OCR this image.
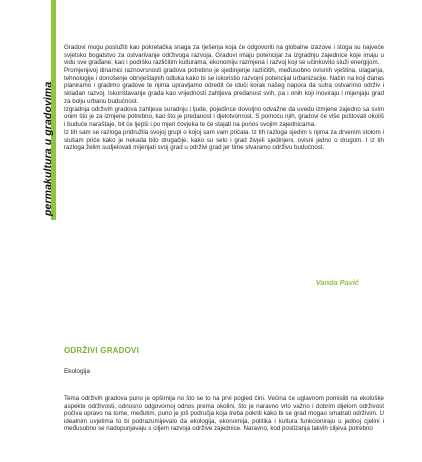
permakultura u gradovima

Gradovi mogu poslužiti kao pokretačka snaga za rješenja koja će odgovoriti na globalne izazove i stoga su najveće svjetsko bogatstvo za ostvarivanje održivoga razvoja. Gradovi imaju potencijal za izgradnju zajednice koje imaju u vidu sve građane, kao i podršku različitim kulturama, ekonomiju razmjena i razvoj koji se učinkovito služi energijom.

Promjenjivoj dinamici raznovrsnosti gradova potrebno je sjedinjenje različitih, međusobno ovisnih vještina, ulaganja, tehnologije i donošenje obrvještajnih odluka kako bi se iskoristio razvojni potencijal urbanizacije. Način na koji danas planiramo i gradimo gradove te njima upravljamo odredit će idući korak našeg napora da sutra ostvarimo održiv i skladan razvoj. Iskorištavanje grada kao vrijednosti zahtjeva predanost svih, pa i onih koji inoviraju i mijenjaju grad za bolju urbanu budućnost.

Izgradnja održivih gradova zahtjeva suradnju i ljude, pojedince dovoljno odvažne da uvedu izmjene zajedno sa svim onim što je za izmjene potrebno, kao što je predanost i djelotvornost. S pomoću njih, gradovi će više poštovati okoliš i buduće naraštaje, bit će ljepši i po mjeri čovjeka te će stajati na ponos svojim zajednicama.

Iz tih sam se razloga pridružila svojoj grupi o kojoj sam vam pričala. Iz tih razloga sjedim s njima za drvenim stolom i slušam priče kako je nekada bilo drugačije, kako su selo i grad živjeli sjedinjeni, ovisni jedno o drugom. I iz tih razloga želim sudjelovati mijenjati svoj grad u održivi grad jer time stvaramo održivu budućnost.

Vanda Pavić
ODRŽIVI GRADOVI
Ekologija

Tema održivih gradova puno je opširnija no što se to na prvi pogled čini. Većina će uglavnom pomisliti na ekološke aspekte održivosti, odnosno odgovornoj odnos prema okolini, što je naravno vrlo važno i dobrim dijelom održivost počiva upravo na tome, međutim, puno je još područja koja treba pokriti kako bi se grad mogao smatrati održivim. U idealnim uvjetima to bi podrazumijevalo da ekologija, ekonomija, politika i kultura funkcioniraju u jednoj cjelini i međusobno se nadopunjavaju s ciljem razvoja održive zajednice. Naravno, kod postizanja takvih ciljeva potrebno
